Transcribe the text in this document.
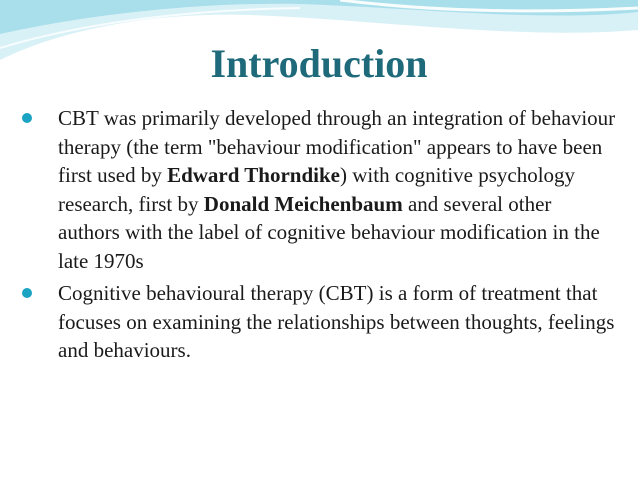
Introduction
CBT was primarily developed through an integration of behaviour therapy (the term "behaviour modification" appears to have been first used by Edward Thorndike) with cognitive psychology research, first by Donald Meichenbaum and several other authors with the label of cognitive behaviour modification in the late 1970s
Cognitive behavioural therapy (CBT) is a form of treatment that focuses on examining the relationships between thoughts, feelings and behaviours.
